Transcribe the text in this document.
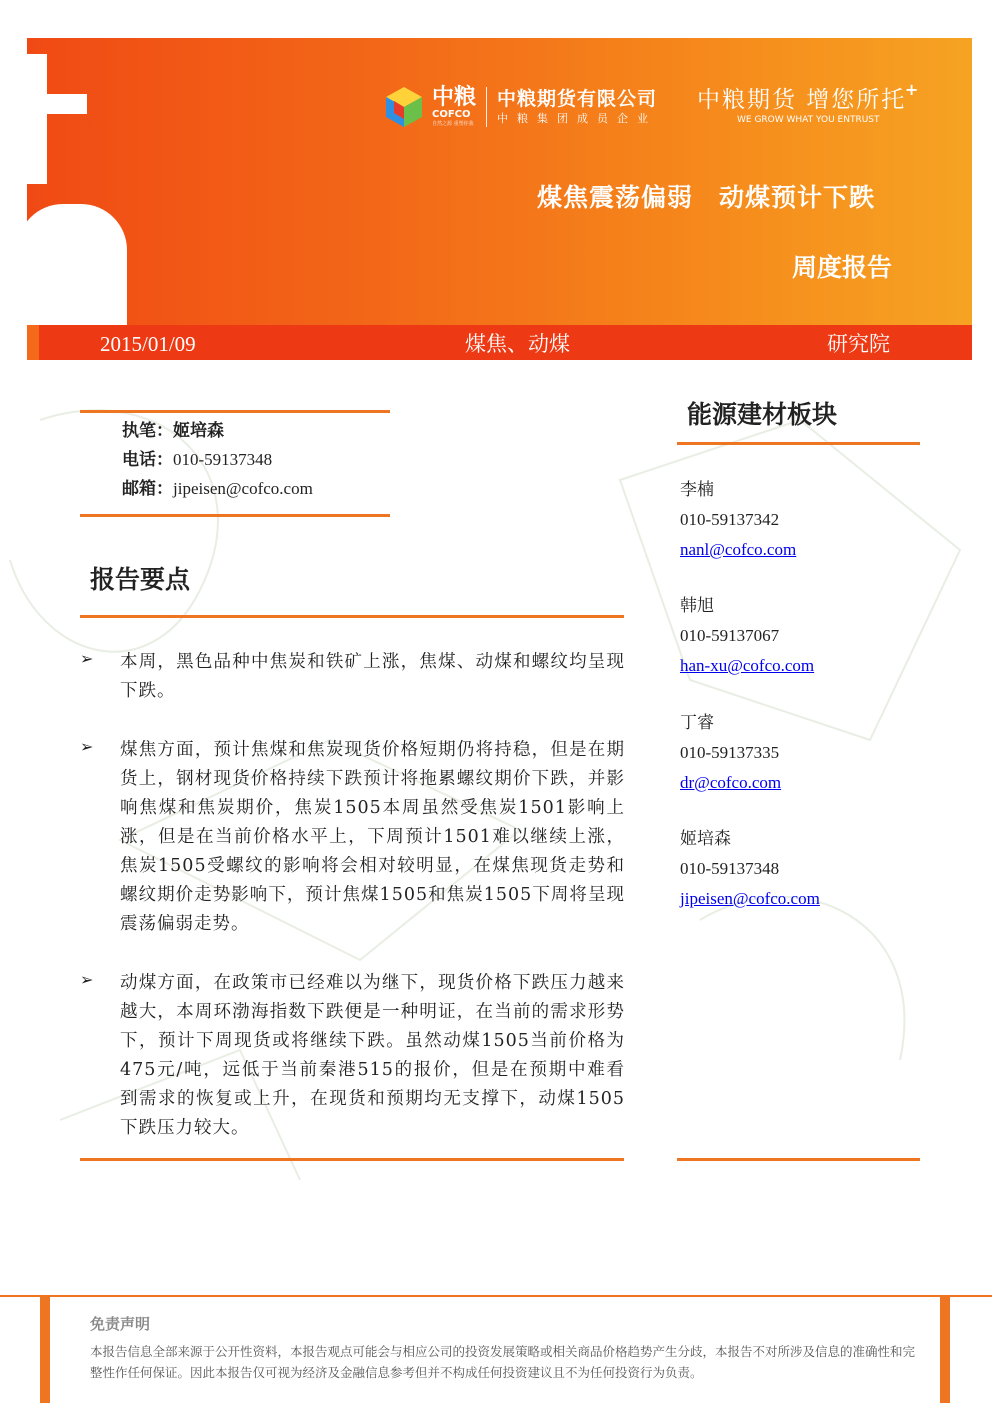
中粮
COFCO
自然之源 重塑你我
中粮期货有限公司
中粮集团成员企业
中粮期货 增您所托
WE GROW WHAT YOU ENTRUST
+
煤焦震荡偏弱　动煤预计下跌
周度报告
2015/01/09	煤焦、动煤	研究院
执笔：姬培森
电话：010-59137348
邮箱：jipeisen@cofco.com
报告要点
➢ 本周，黑色品种中焦炭和铁矿上涨，焦煤、动煤和螺纹均呈现下跌。
➢ 煤焦方面，预计焦煤和焦炭现货价格短期仍将持稳，但是在期货上，钢材现货价格持续下跌预计将拖累螺纹期价下跌，并影响焦煤和焦炭期价，焦炭1505本周虽然受焦炭1501影响上涨，但是在当前价格水平上，下周预计1501难以继续上涨，焦炭1505受螺纹的影响将会相对较明显，在煤焦现货走势和螺纹期价走势影响下，预计焦煤1505和焦炭1505下周将呈现震荡偏弱走势。
➢ 动煤方面，在政策市已经难以为继下，现货价格下跌压力越来越大，本周环渤海指数下跌便是一种明证，在当前的需求形势下，预计下周现货或将继续下跌。虽然动煤1505当前价格为475元/吨，远低于当前秦港515的报价，但是在预期中难看到需求的恢复或上升，在现货和预期均无支撑下，动煤1505下跌压力较大。
能源建材板块
李楠
010-59137342
nanl@cofco.com
韩旭
010-59137067
han-xu@cofco.com
丁睿
010-59137335
dr@cofco.com
姬培森
010-59137348
jipeisen@cofco.com
免责声明
本报告信息全部来源于公开性资料，本报告观点可能会与相应公司的投资发展策略或相关商品价格趋势产生分歧，本报告不对所涉及信息的准确性和完整性作任何保证。因此本报告仅可视为经济及金融信息参考但并不构成任何投资建议且不为任何投资行为负责。
